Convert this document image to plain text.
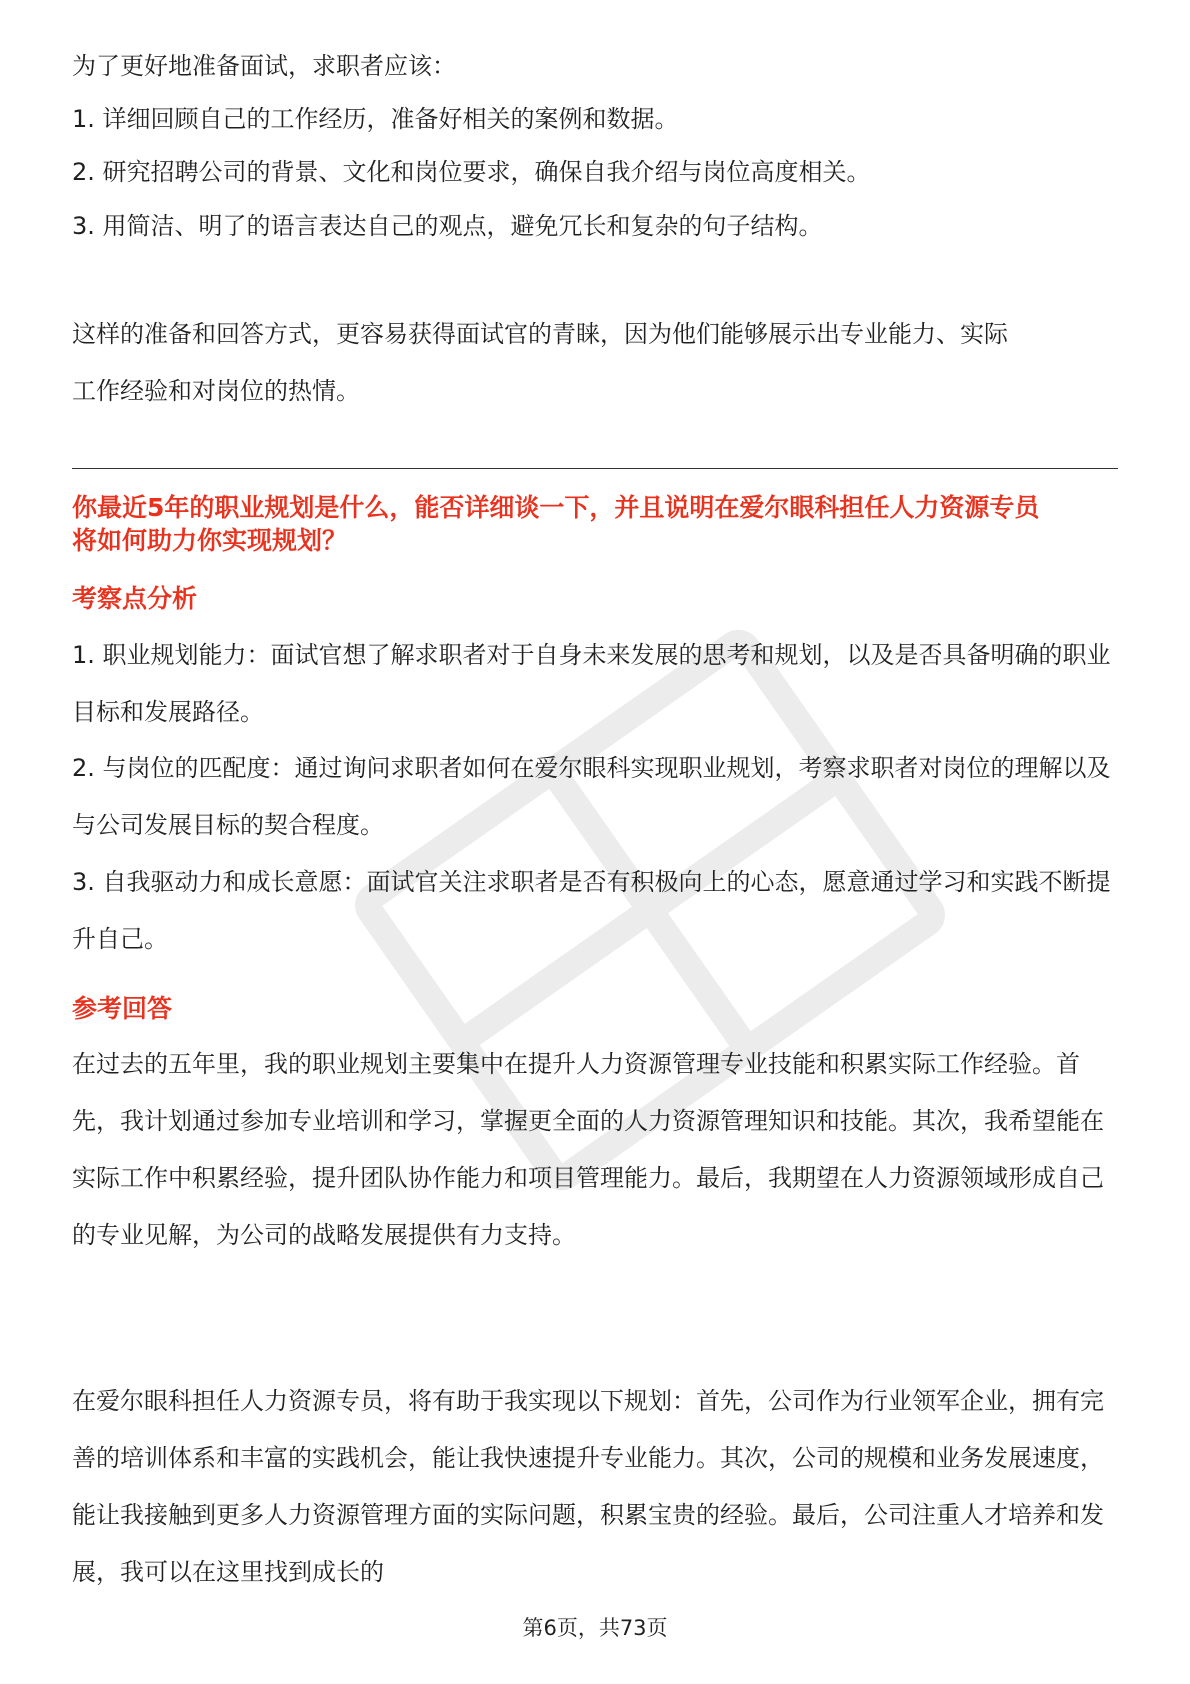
为了更好地准备面试，求职者应该：

1. 详细回顾自己的工作经历，准备好相关的案例和数据。

2. 研究招聘公司的背景、文化和岗位要求，确保自我介绍与岗位高度相关。

3. 用简洁、明了的语言表达自己的观点，避免冗长和复杂的句子结构。

这样的准备和回答方式，更容易获得面试官的青睐，因为他们能够展示出专业能力、实际工作经验和对岗位的热情。

你最近5年的职业规划是什么，能否详细谈一下，并且说明在爱尔眼科担任人力资源专员将如何助力你实现规划？

考察点分析

1. 职业规划能力：面试官想了解求职者对于自身未来发展的思考和规划，以及是否具备明确的职业目标和发展路径。

2. 与岗位的匹配度：通过询问求职者如何在爱尔眼科实现职业规划，考察求职者对岗位的理解以及与公司发展目标的契合程度。

3. 自我驱动力和成长意愿：面试官关注求职者是否有积极向上的心态，愿意通过学习和实践不断提升自己。

参考回答

在过去的五年里，我的职业规划主要集中在提升人力资源管理专业技能和积累实际工作经验。首先，我计划通过参加专业培训和学习，掌握更全面的人力资源管理知识和技能。其次，我希望能在实际工作中积累经验，提升团队协作能力和项目管理能力。最后，我期望在人力资源领域形成自己的专业见解，为公司的战略发展提供有力支持。

在爱尔眼科担任人力资源专员，将有助于我实现以下规划：首先，公司作为行业领军企业，拥有完善的培训体系和丰富的实践机会，能让我快速提升专业能力。其次，公司的规模和业务发展速度，能让我接触到更多人力资源管理方面的实际问题，积累宝贵的经验。最后，公司注重人才培养和发展，我可以在这里找到成长的

第6页，共73页
